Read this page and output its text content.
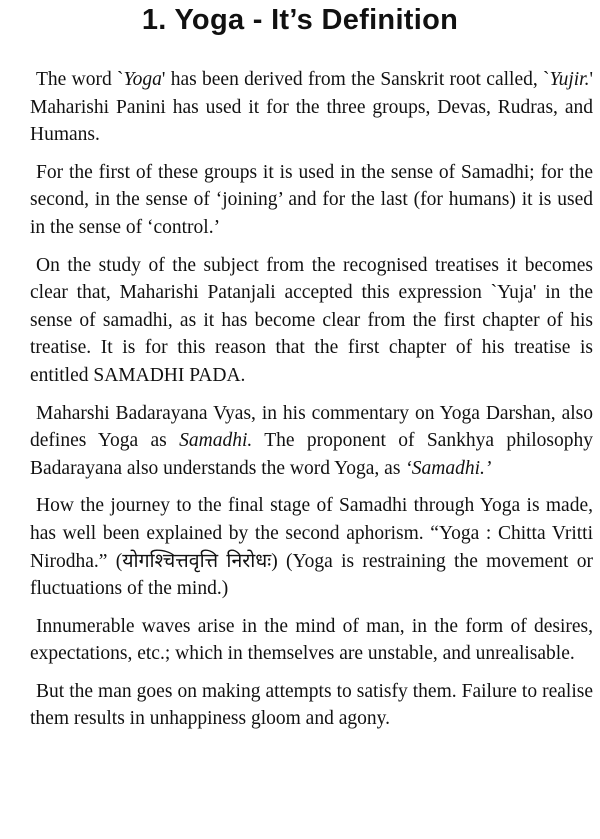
1. Yoga - It’s Definition

The word `Yoga' has been derived from the Sanskrit root called, `Yujir.' Maharishi Panini has used it for the three groups, Devas, Rudras, and Humans.

For the first of these groups it is used in the sense of Samadhi; for the second, in the sense of ‘joining’ and for the last (for humans) it is used in the sense of ‘control.’

On the study of the subject from the recognised treatises it becomes clear that, Maharishi Patanjali accepted this expression `Yuja' in the sense of samadhi, as it has become clear from the first chapter of his treatise. It is for this reason that the first chapter of his treatise is entitled SAMADHI PADA.

Maharshi Badarayana Vyas, in his commentary on Yoga Darshan, also defines Yoga as Samadhi. The proponent of Sankhya philosophy Badarayana also understands the word Yoga, as ‘Samadhi.’

How the journey to the final stage of Samadhi through Yoga is made, has well been explained by the second aphorism. “Yoga : Chitta Vritti Nirodha.” (योगश्चित्तवृत्ति निरोधः) (Yoga is restraining the movement or fluctuations of the mind.)

Innumerable waves arise in the mind of man, in the form of desires, expectations, etc.; which in themselves are unstable, and unrealisable.

But the man goes on making attempts to satisfy them. Failure to realise them results in unhappiness gloom and agony.
